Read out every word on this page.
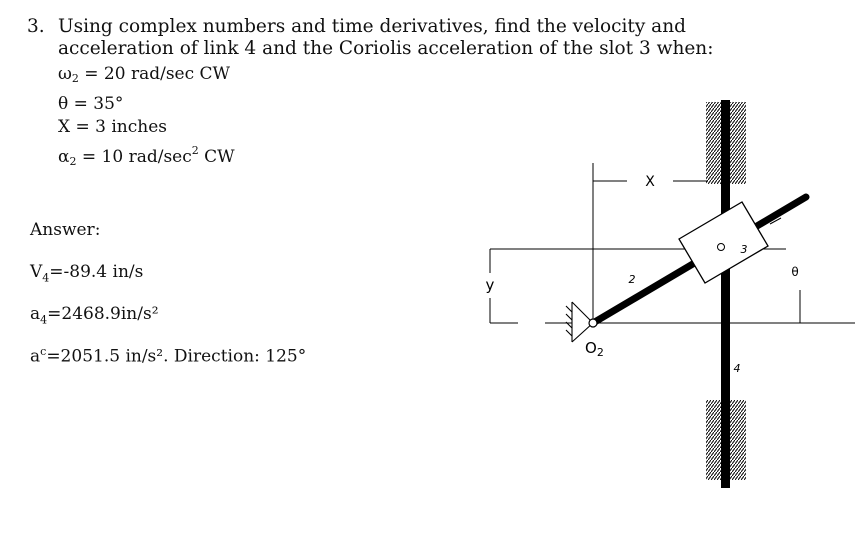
3. Using complex numbers and time derivatives, find the velocity and acceleration of link 4 and the Coriolis acceleration of the slot 3 when:
$\omega_2 = 20$ rad/sec CW
θ = 35°
X = 3 inches
$\alpha_2 = 10$ rad/$\sec^2$ CW
Answer:
$V_4=-89.4$ in/s
$a_4=2468.9in/s^2$
$a^c=2051.5$ in/s². Direction: 125°
X
y
θ
$O_2$
2
3
4
